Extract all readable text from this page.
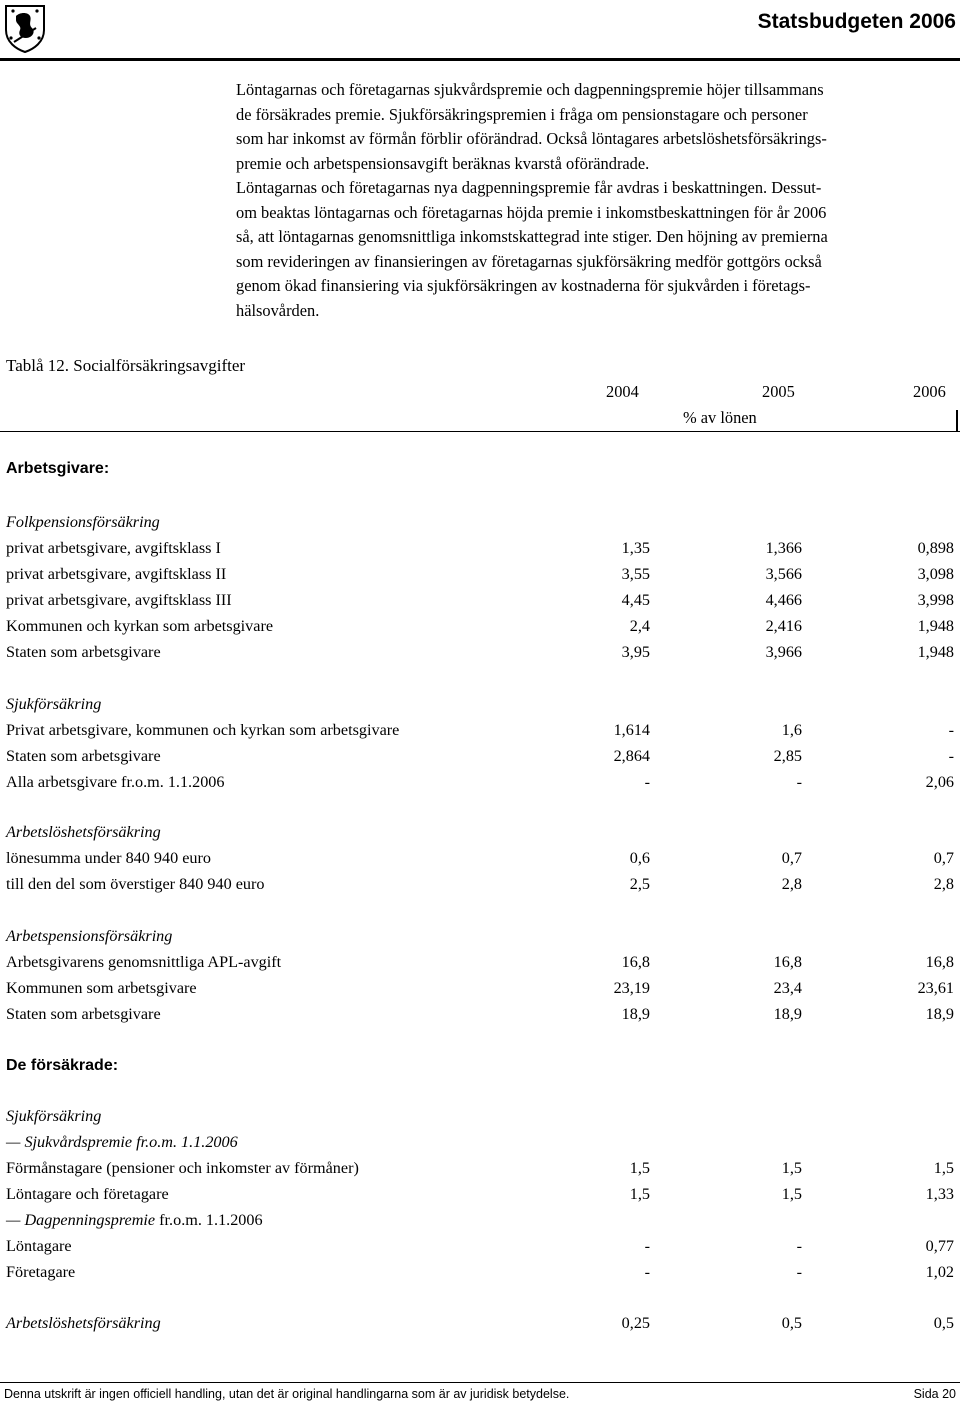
Statsbudgeten 2006

Löntagarnas och företagarnas sjukvårdspremie och dagpenningspremie höjer tillsammans
de försäkrades premie. Sjukförsäkringspremien i fråga om pensionstagare och personer
som har inkomst av förmån förblir oförändrad. Också löntagares arbetslöshetsförsäkrings-
premie och arbetspensionsavgift beräknas kvarstå oförändrade.
Löntagarnas och företagarnas nya dagpenningspremie får avdras i beskattningen. Dessut-
om beaktas löntagarnas och företagarnas höjda premie i inkomstbeskattningen för år 2006
så, att löntagarnas genomsnittliga inkomstskattegrad inte stiger. Den höjning av premierna
som revideringen av finansieringen av företagarnas sjukförsäkring medför gottgörs också
genom ökad finansiering via sjukförsäkringen av kostnaderna för sjukvården i företags-
hälsovården.

Tablå 12. Socialförsäkringsavgifter
2004	2005	2006
% av lönen
Arbetsgivare:
Folkpensionsförsäkring
privat arbetsgivare, avgiftsklass I	1,35	1,366	0,898
privat arbetsgivare, avgiftsklass II	3,55	3,566	3,098
privat arbetsgivare, avgiftsklass III	4,45	4,466	3,998
Kommunen och kyrkan som arbetsgivare	2,4	2,416	1,948
Staten som arbetsgivare	3,95	3,966	1,948
Sjukförsäkring
Privat arbetsgivare, kommunen och kyrkan som arbetsgivare	1,614	1,6	-
Staten som arbetsgivare	2,864	2,85	-
Alla arbetsgivare fr.o.m. 1.1.2006	-	-	2,06
Arbetslöshetsförsäkring
lönesumma under 840 940 euro	0,6	0,7	0,7
till den del som överstiger 840 940 euro	2,5	2,8	2,8
Arbetspensionsförsäkring
Arbetsgivarens genomsnittliga APL-avgift	16,8	16,8	16,8
Kommunen som arbetsgivare	23,19	23,4	23,61
Staten som arbetsgivare	18,9	18,9	18,9
De försäkrade:
Sjukförsäkring
— Sjukvårdspremie fr.o.m. 1.1.2006
Förmånstagare (pensioner och inkomster av förmåner)	1,5	1,5	1,5
Löntagare och företagare	1,5	1,5	1,33
— Dagpenningspremie fr.o.m. 1.1.2006
Löntagare	-	-	0,77
Företagare	-	-	1,02
Arbetslöshetsförsäkring	0,25	0,5	0,5
Denna utskrift är ingen officiell handling, utan det är original handlingarna som är av juridisk betydelse.	Sida 20
